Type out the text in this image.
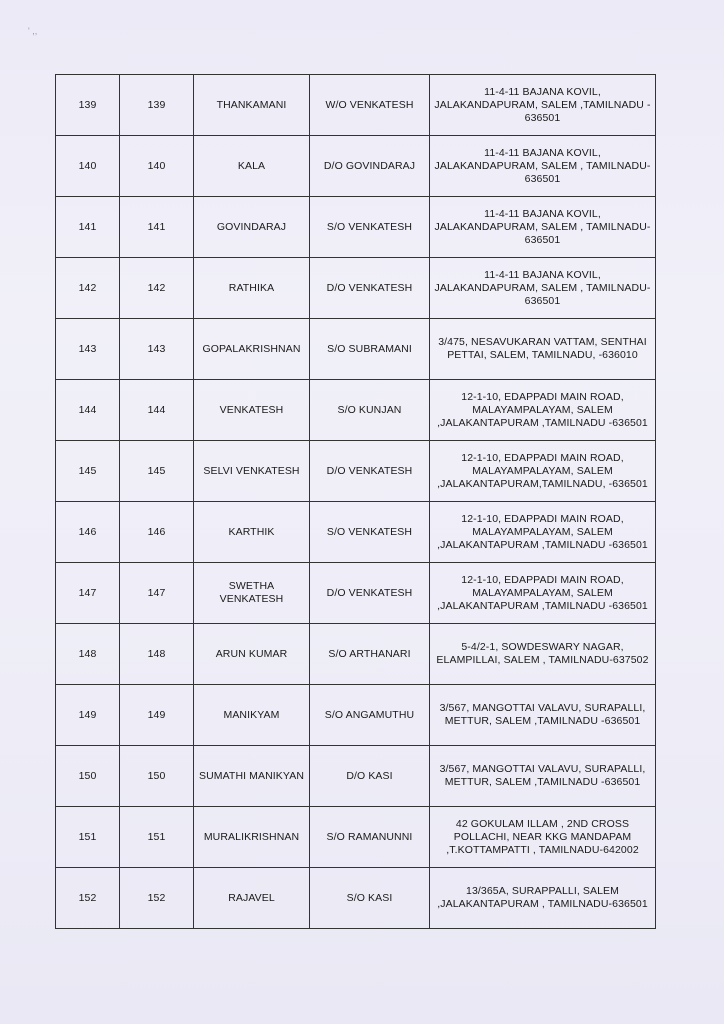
' ,,
139	139	THANKAMANI	W/O VENKATESH	11-4-11 BAJANA KOVIL,
JALAKANDAPURAM, SALEM ,TAMILNADU -
636501
140	140	KALA	D/O GOVINDARAJ	11-4-11 BAJANA KOVIL,
JALAKANDAPURAM, SALEM , TAMILNADU-
636501
141	141	GOVINDARAJ	S/O VENKATESH	11-4-11 BAJANA KOVIL,
JALAKANDAPURAM, SALEM , TAMILNADU-
636501
142	142	RATHIKA	D/O VENKATESH	11-4-11 BAJANA KOVIL,
JALAKANDAPURAM, SALEM , TAMILNADU-
636501
143	143	GOPALAKRISHNAN	S/O SUBRAMANI	3/475, NESAVUKARAN VATTAM, SENTHAI
PETTAI, SALEM, TAMILNADU, -636010
144	144	VENKATESH	S/O KUNJAN	12-1-10, EDAPPADI MAIN ROAD,
MALAYAMPALAYAM, SALEM
,JALAKANTAPURAM ,TAMILNADU -636501
145	145	SELVI VENKATESH	D/O VENKATESH	12-1-10, EDAPPADI MAIN ROAD,
MALAYAMPALAYAM, SALEM
,JALAKANTAPURAM,TAMILNADU, -636501
146	146	KARTHIK	S/O VENKATESH	12-1-10, EDAPPADI MAIN ROAD,
MALAYAMPALAYAM, SALEM
,JALAKANTAPURAM ,TAMILNADU -636501
147	147	SWETHA VENKATESH	D/O VENKATESH	12-1-10, EDAPPADI MAIN ROAD,
MALAYAMPALAYAM, SALEM
,JALAKANTAPURAM ,TAMILNADU -636501
148	148	ARUN KUMAR	S/O ARTHANARI	5-4/2-1, SOWDESWARY NAGAR,
ELAMPILLAI, SALEM , TAMILNADU-637502
149	149	MANIKYAM	S/O ANGAMUTHU	3/567, MANGOTTAI VALAVU, SURAPALLI,
METTUR, SALEM ,TAMILNADU -636501
150	150	SUMATHI MANIKYAN	D/O KASI	3/567, MANGOTTAI VALAVU, SURAPALLI,
METTUR, SALEM ,TAMILNADU -636501
151	151	MURALIKRISHNAN	S/O RAMANUNNI	42 GOKULAM ILLAM , 2ND CROSS
POLLACHI, NEAR KKG MANDAPAM
,T.KOTTAMPATTI , TAMILNADU-642002
152	152	RAJAVEL	S/O KASI	13/365A, SURAPPALLI, SALEM
,JALAKANTAPURAM , TAMILNADU-636501
